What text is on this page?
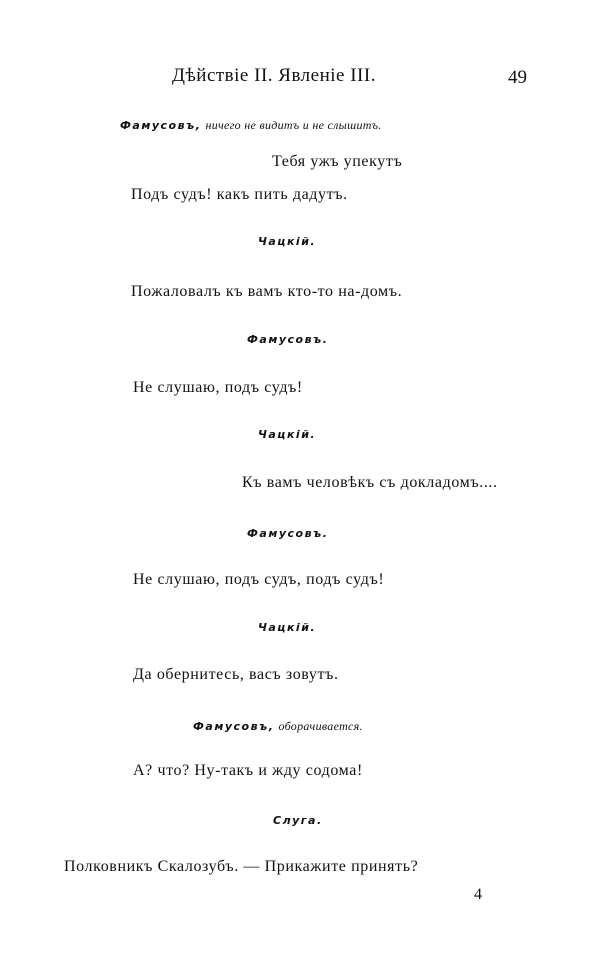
Дѣйствіе II. Явленіе III.	49
Фамусовъ, ничего не видитъ и не слышитъ.
Тебя ужъ упекутъ
Подъ судъ! какъ пить дадутъ.
Чацкій.
Пожаловалъ къ вамъ кто-то на-домъ.
Фамусовъ.
Не слушаю, подъ судъ!
Чацкій.
Къ вамъ человѣкъ съ докладомъ....
Фамусовъ.
Не слушаю, подъ судъ, подъ судъ!
Чацкій.
Да обернитесь, васъ зовутъ.
Фамусовъ, оборачивается.
А? что? Ну-такъ и жду содома!
Слуга.
Полковникъ Скалозубъ. — Прикажите принять?
4
